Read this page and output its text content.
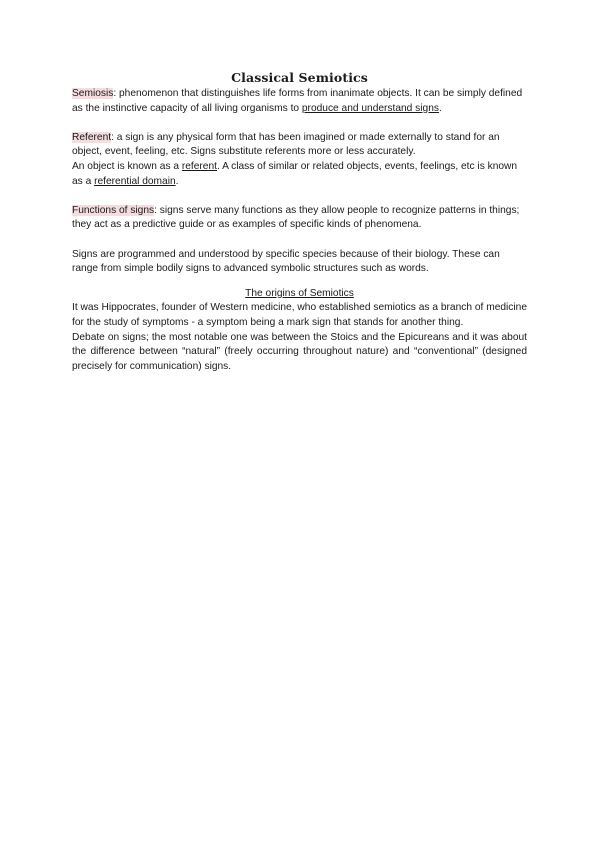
Classical Semiotics

Semiosis: phenomenon that distinguishes life forms from inanimate objects. It can be simply defined as the instinctive capacity of all living organisms to produce and understand signs.

Referent: a sign is any physical form that has been imagined or made externally to stand for an object, event, feeling, etc. Signs substitute referents more or less accurately.

An object is known as a referent. A class of similar or related objects, events, feelings, etc is known as a referential domain.

Functions of signs: signs serve many functions as they allow people to recognize patterns in things; they act as a predictive guide or as examples of specific kinds of phenomena.

Signs are programmed and understood by specific species because of their biology. These can range from simple bodily signs to advanced symbolic structures such as words.

The origins of Semiotics

It was Hippocrates, founder of Western medicine, who established semiotics as a branch of medicine for the study of symptoms - a symptom being a mark sign that stands for another thing.

Debate on signs; the most notable one was between the Stoics and the Epicureans and it was about the difference between “natural” (freely occurring throughout nature) and “conventional” (designed precisely for communication) signs.
